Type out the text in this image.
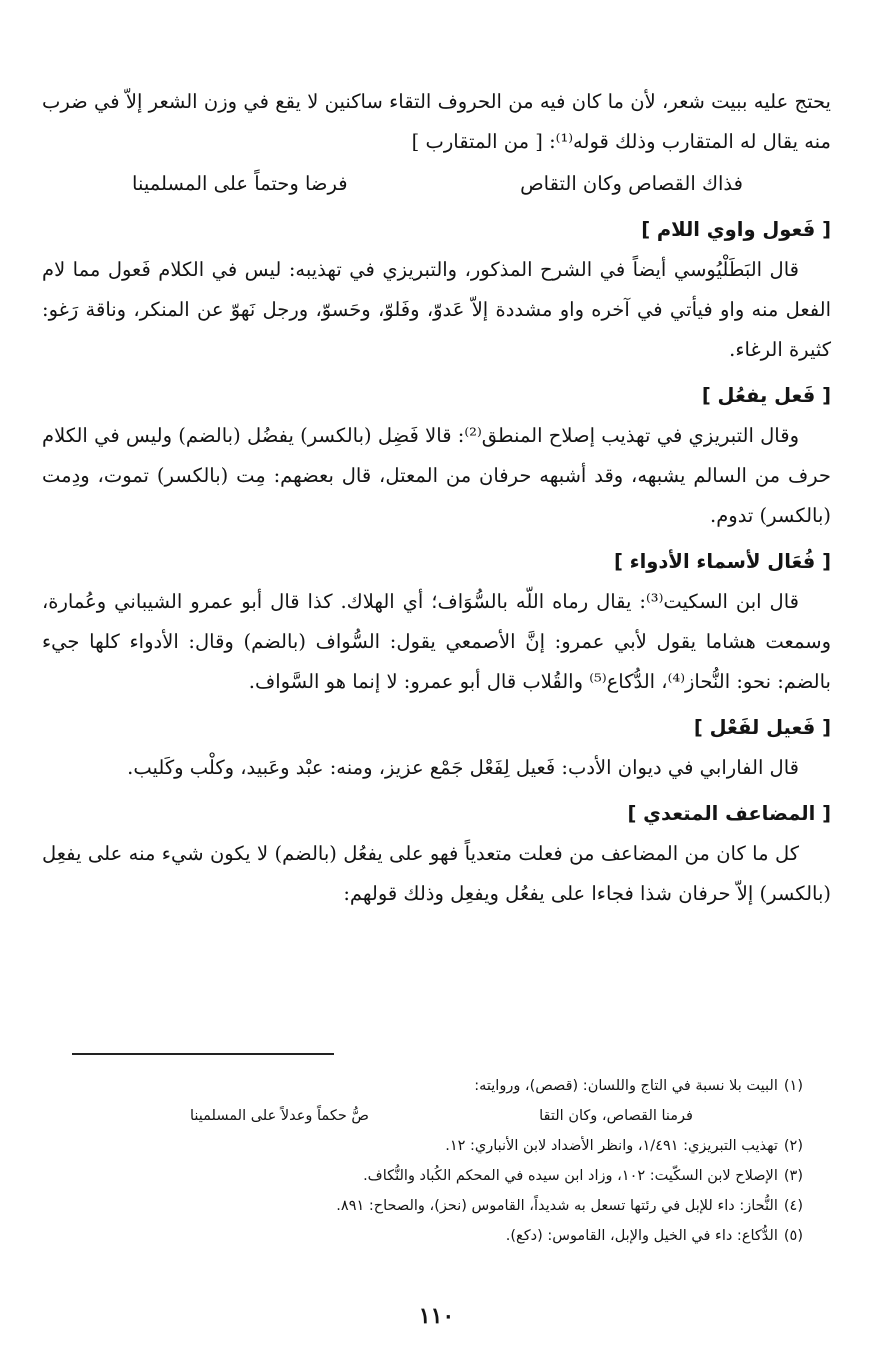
يحتج عليه ببيت شعر، لأن ما كان فيه من الحروف التقاء ساكنين لا يقع في وزن الشعر إلاّ في ضرب منه يقال له المتقارب وذلك قوله⁽¹⁾: [ من المتقارب ]

فذاك القصاص وكان التقاص
فرضا وحتماً على المسلمينا
[ فَعول واوي اللام ]

قال البَطَلْيُوسي أيضاً في الشرح المذكور، والتبريزي في تهذيبه: ليس في الكلام فَعول مما لام الفعل منه واو فيأتي في آخره واو مشددة إلاّ عَدوّ، وفَلوّ، وحَسوّ، ورجل نَهوّ عن المنكر، وناقة رَغو: كثيرة الرغاء.

[ فَعل يفعُل ]

وقال التبريزي في تهذيب إصلاح المنطق⁽²⁾: قالا فَضِل (بالكسر) يفضُل (بالضم) وليس في الكلام حرف من السالم يشبهه، وقد أشبهه حرفان من المعتل، قال بعضهم: مِت (بالكسر) تموت، ودِمت (بالكسر) تدوم.

[ فُعَال لأسماء الأدواء ]

قال ابن السكيت⁽³⁾: يقال رماه اللّه بالسُّوَاف؛ أي الهلاك. كذا قال أبو عمرو الشيباني وعُمارة، وسمعت هشاما يقول لأبي عمرو: إنَّ الأصمعي يقول: السُّواف (بالضم) وقال: الأدواء كلها جيء بالضم: نحو: النُّحاز⁽⁴⁾، الدُّكاع⁽⁵⁾ والقُلاب قال أبو عمرو: لا إنما هو السَّواف.

[ فَعيل لفَعْل ]

قال الفارابي في ديوان الأدب: فَعيل لِفَعْل جَمْع عزيز، ومنه: عبْد وعَبيد، وكلْب وكَليب.

[ المضاعف المتعدي ]

كل ما كان من المضاعف من فعلت متعدياً فهو على يفعُل (بالضم) لا يكون شيء منه على يفعِل (بالكسر) إلاّ حرفان شذا فجاءا على يفعُل ويفعِل وذلك قولهم:

(١)البيت بلا نسبة في التاج واللسان: (قصص)، وروايته:

فرمنا القصاص، وكان التقا
صُّ حكماً وعدلاً على المسلمينا

(٢)تهذيب التبريزي: ١/٤٩١، وانظر الأضداد لابن الأنباري: ١٢.

(٣)الإصلاح لابن السكّيت: ١٠٢، وزاد ابن سيده في المحكم الكُباد والنُّكاف.

(٤)النُّحاز: داء للإبل في رئتها تسعل به شديداً، القاموس (نحز)، والصحاح: ٨٩١.

(٥)الدُّكاع: داء في الخيل والإبل، القاموس: (دكع).

١١٠
